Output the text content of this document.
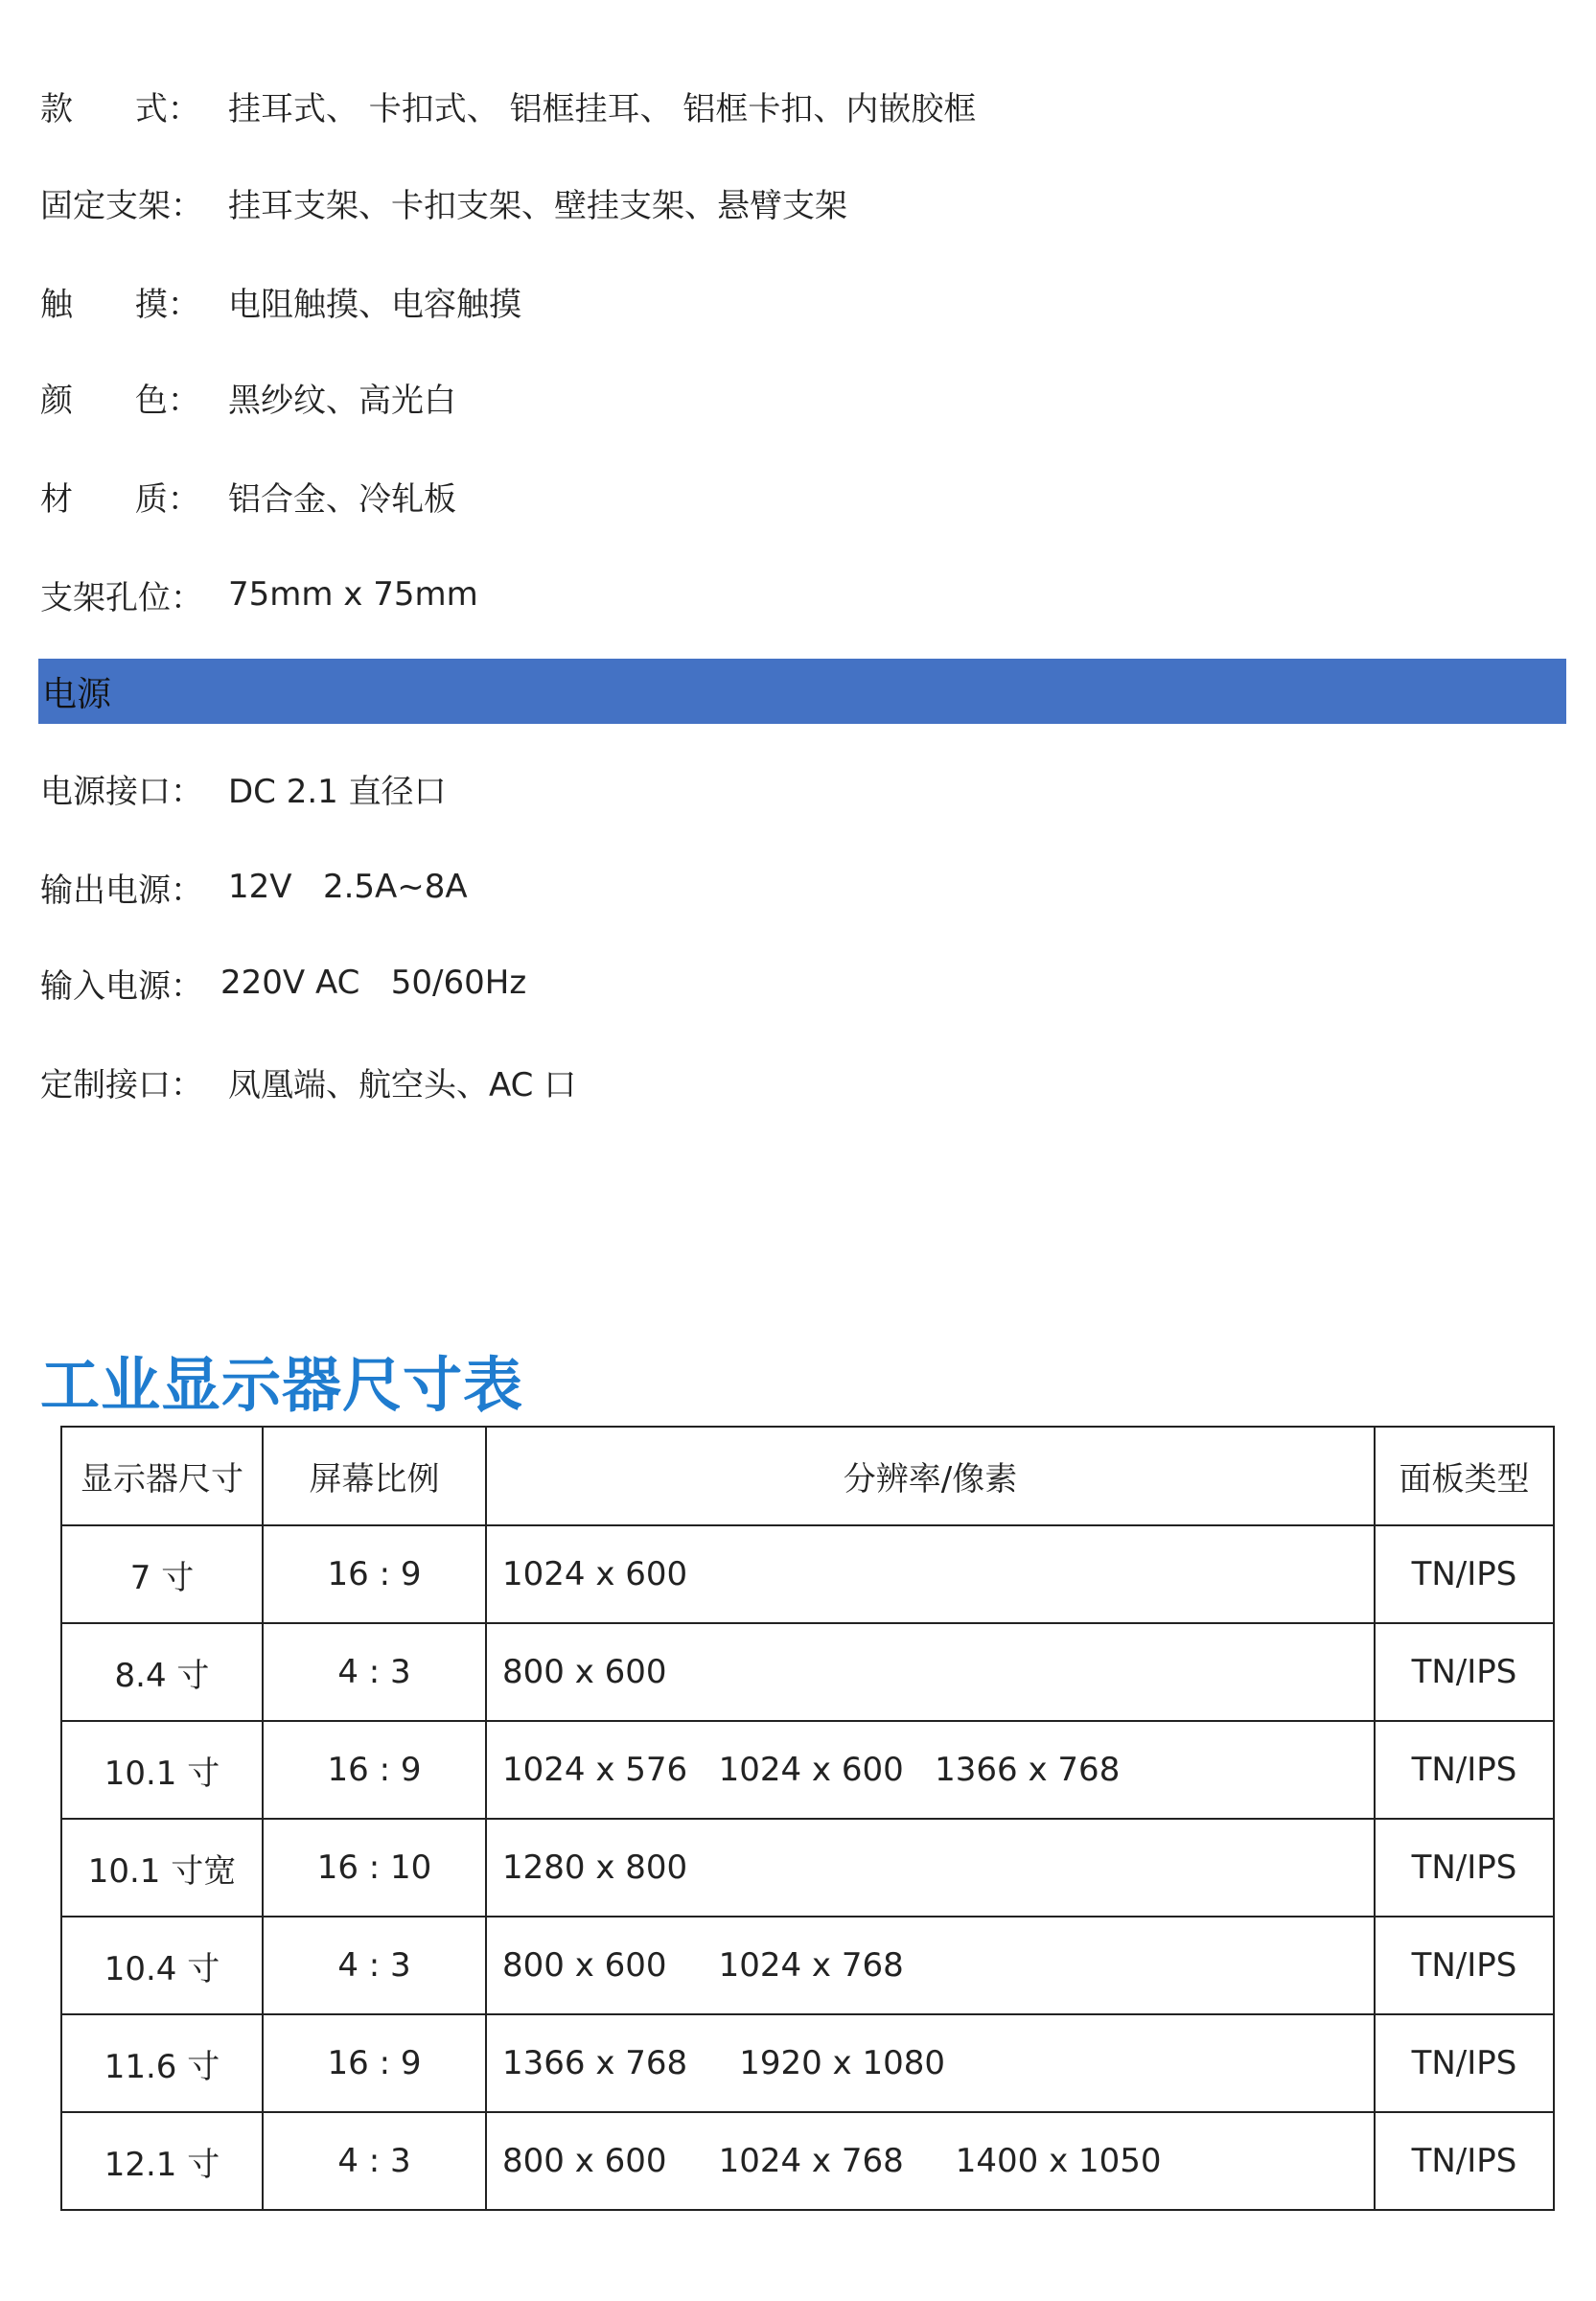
款      式： 挂耳式、 卡扣式、 铝框挂耳、 铝框卡扣、内嵌胶框
固定支架： 挂耳支架、卡扣支架、壁挂支架、悬臂支架
触      摸： 电阻触摸、电容触摸
颜      色： 黑纱纹、高光白
材      质： 铝合金、冷轧板
支架孔位： 75mm x 75mm
电源
电源接口： DC 2.1 直径口
输出电源： 12V   2.5A~8A
输入电源： 220V AC   50/60Hz
定制接口： 凤凰端、航空头、AC 口
工业显示器尺寸表
显示器尺寸	屏幕比例	分辨率/像素	面板类型
7 寸	16 : 9	1024 x 600	TN/IPS
8.4 寸	4 : 3	800 x 600	TN/IPS
10.1 寸	16 : 9	1024 x 576   1024 x 600   1366 x 768	TN/IPS
10.1 寸宽	16 : 10	1280 x 800	TN/IPS
10.4 寸	4 : 3	800 x 600     1024 x 768	TN/IPS
11.6 寸	16 : 9	1366 x 768     1920 x 1080	TN/IPS
12.1 寸	4 : 3	800 x 600     1024 x 768     1400 x 1050	TN/IPS
